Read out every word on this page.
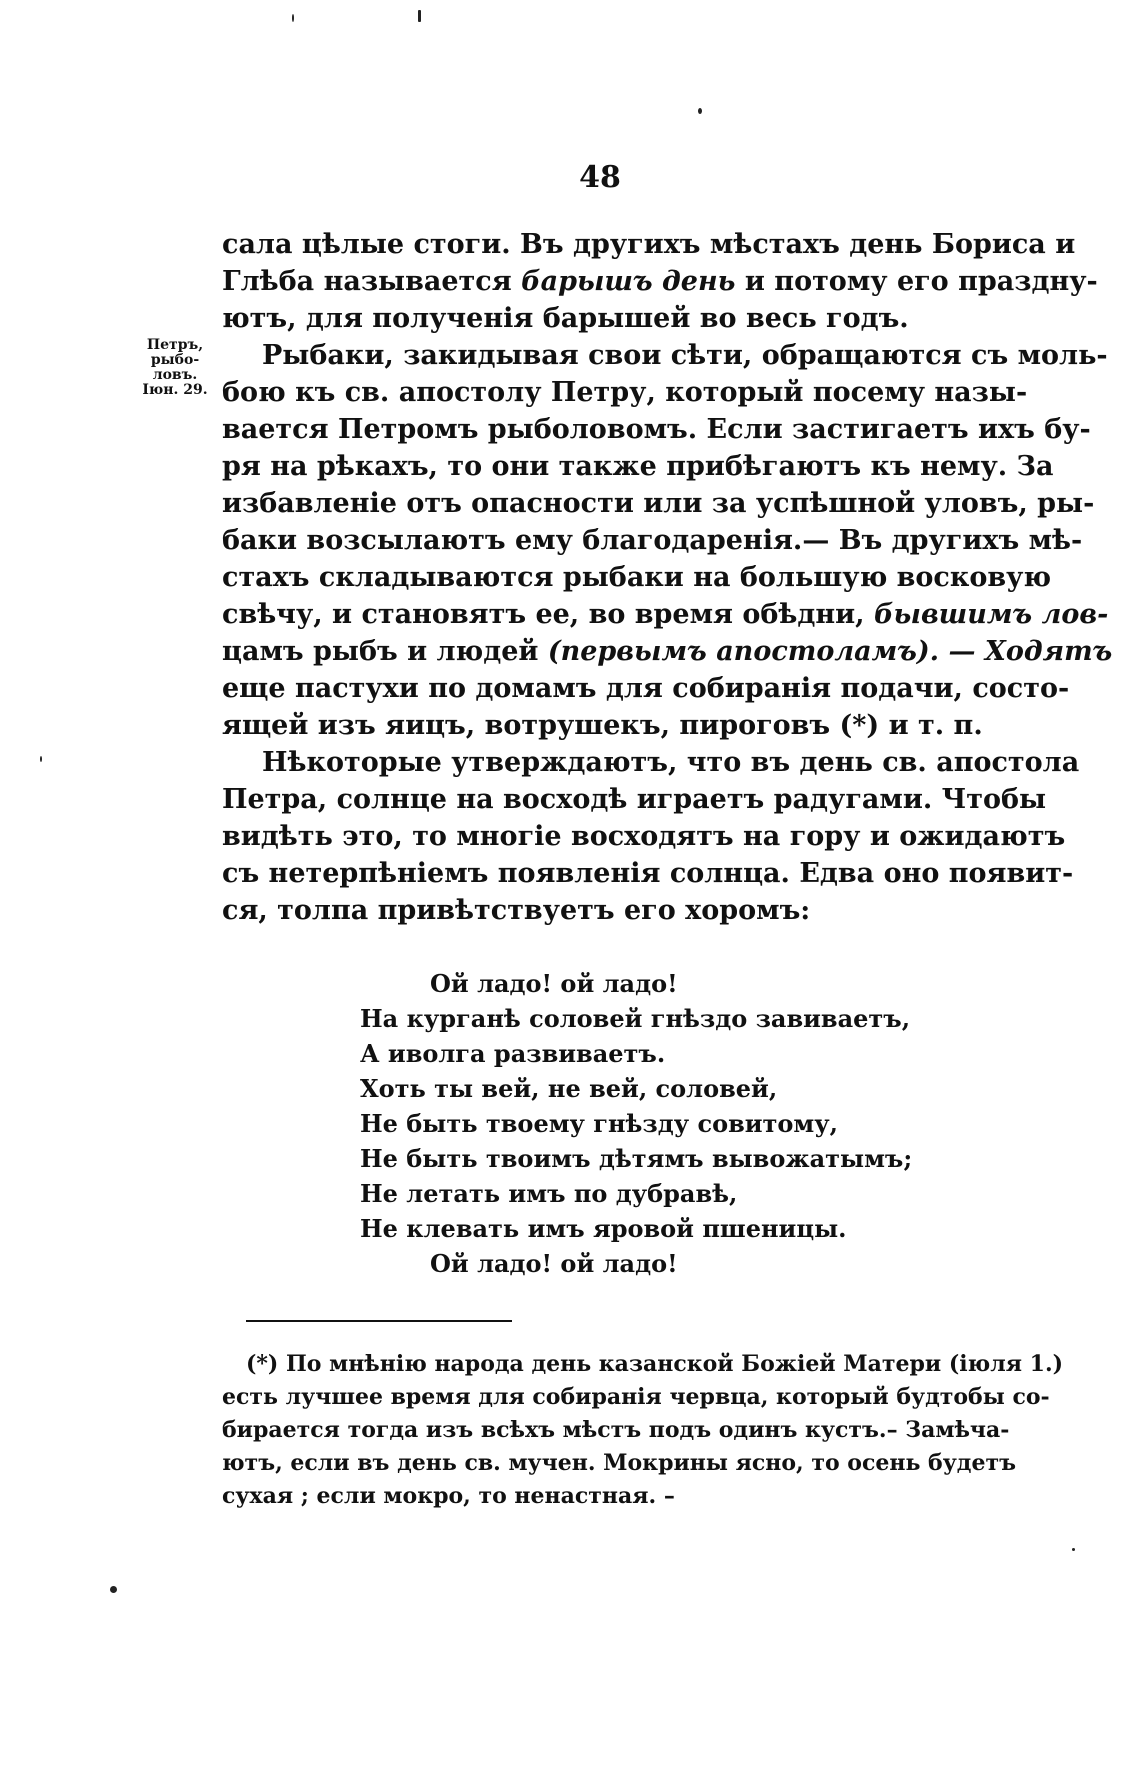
48
Петръ,
рыбо-
ловъ.
Іюн. 29.
сала цѣлые стоги. Въ другихъ мѣстахъ день Бориса и
Глѣба называется барышъ день и потому его праздну-
ютъ, для полученія барышей во весь годъ.
Рыбаки, закидывая свои сѣти, обращаются съ моль-
бою къ св. апостолу Петру, который посему назы-
вается Петромъ рыболовомъ. Если застигаетъ ихъ бу-
ря на рѣкахъ, то они также прибѣгаютъ къ нему. За
избавленіе отъ опасности или за успѣшной уловъ, ры-
баки возсылаютъ ему благодаренія.— Въ другихъ мѣ-
стахъ складываются рыбаки на большую восковую
свѣчу, и становятъ ее, во время обѣдни, бывшимъ лов-
цамъ рыбъ и людей (первымъ апостоламъ). — Ходятъ
еще пастухи по домамъ для собиранія подачи, состо-
ящей изъ яицъ, вотрушекъ, пироговъ (*) и т. п.
Нѣкоторые утверждаютъ, что въ день св. апостола
Петра, солнце на восходѣ играетъ радугами. Чтобы
видѣть это, то многіе восходятъ на гору и ожидаютъ
съ нетерпѣніемъ появленія солнца. Едва оно появит-
ся, толпа привѣтствуетъ его хоромъ:
Ой ладо! ой ладо!
На курганѣ соловей гнѣздо завиваетъ,
А иволга развиваетъ.
Хоть ты вей, не вей, соловей,
Не быть твоему гнѣзду совитому,
Не быть твоимъ дѣтямъ вывожатымъ;
Не летать имъ по дубравѣ,
Не клевать имъ яровой пшеницы.
Ой ладо! ой ладо!
(*) По мнѣнію народа день казанской Божіей Матери (іюля 1.)
есть лучшее время для собиранія червца, который будтобы со-
бирается тогда изъ всѣхъ мѣстъ подъ одинъ кустъ.– Замѣча-
ютъ, если въ день св. мучен. Мокрины ясно, то осень будетъ
сухая ; если мокро, то ненастная. –
